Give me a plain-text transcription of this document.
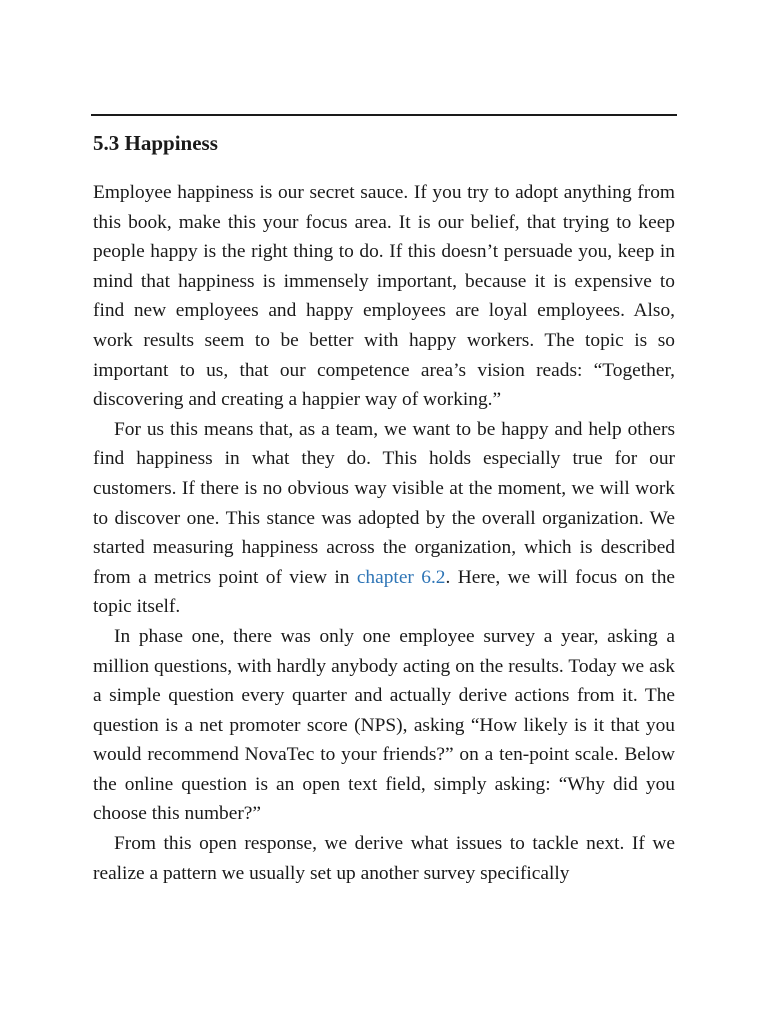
5.3 Happiness

Employee happiness is our secret sauce. If you try to adopt anything from this book, make this your focus area. It is our belief, that trying to keep people happy is the right thing to do. If this doesn’t persuade you, keep in mind that happiness is immensely important, because it is expensive to find new employees and happy employees are loyal employees. Also, work results seem to be better with happy workers. The topic is so important to us, that our competence area’s vision reads: “Together, discovering and creating a happier way of working.”

For us this means that, as a team, we want to be happy and help others find happiness in what they do. This holds especially true for our customers. If there is no obvious way visible at the moment, we will work to discover one. This stance was adopted by the overall organization. We started measuring happiness across the organization, which is described from a metrics point of view in chapter 6.2. Here, we will focus on the topic itself.

In phase one, there was only one employee survey a year, asking a million questions, with hardly anybody acting on the results. Today we ask a simple question every quarter and actually derive actions from it. The question is a net promoter score (NPS), asking “How likely is it that you would recommend NovaTec to your friends?” on a ten-point scale. Below the online question is an open text field, simply asking: “Why did you choose this number?”

From this open response, we derive what issues to tackle next. If we realize a pattern we usually set up another survey specifically
